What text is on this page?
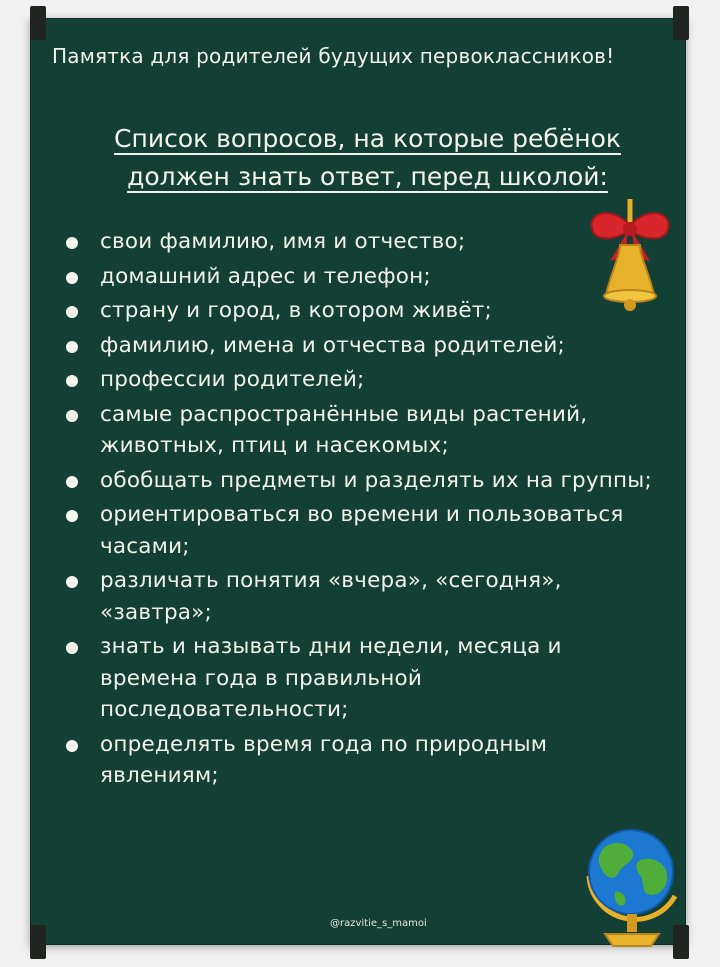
Памятка для родителей будущих первоклассников!
Список вопросов, на которые ребёнок
должен знать ответ, перед школой:
свои фамилию, имя и отчество;
домашний адрес и телефон;
страну и город, в котором живёт;
фамилию, имена и отчества родителей;
профессии родителей;
самые распространённые виды растений, животных, птиц и насекомых;
обобщать предметы и разделять их на группы;
ориентироваться во времени и пользоваться часами;
различать понятия «вчера», «сегодня», «завтра»;
знать и называть дни недели, месяца и времена года в правильной последовательности;
определять время года по природным явлениям;
@razvitie_s_mamoi
